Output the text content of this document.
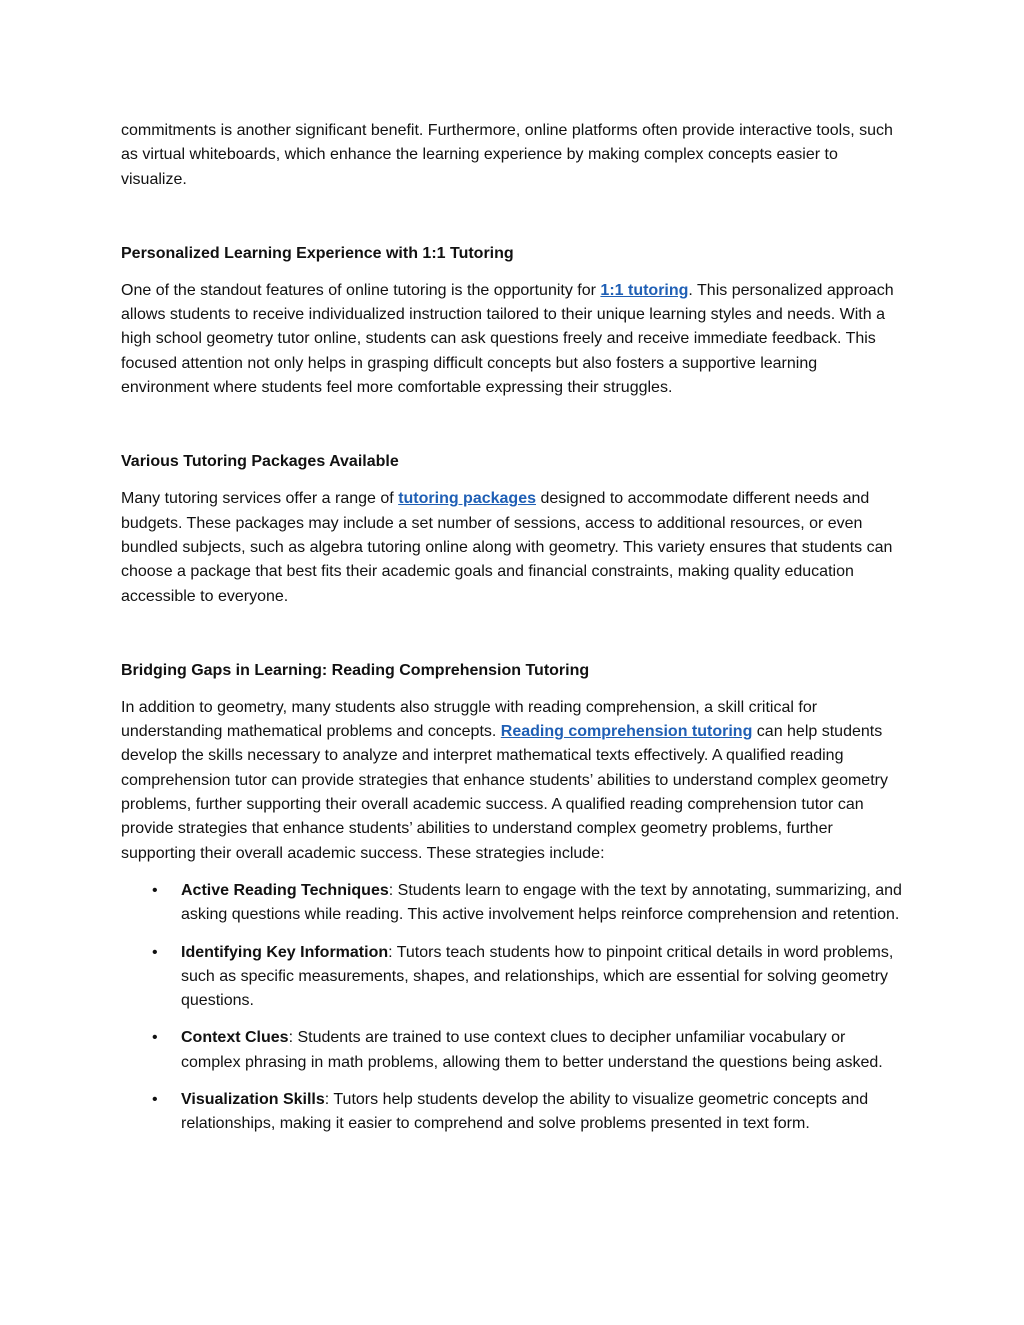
commitments is another significant benefit. Furthermore, online platforms often provide interactive tools, such as virtual whiteboards, which enhance the learning experience by making complex concepts easier to visualize.

Personalized Learning Experience with 1:1 Tutoring

One of the standout features of online tutoring is the opportunity for 1:1 tutoring. This personalized approach allows students to receive individualized instruction tailored to their unique learning styles and needs. With a high school geometry tutor online, students can ask questions freely and receive immediate feedback. This focused attention not only helps in grasping difficult concepts but also fosters a supportive learning environment where students feel more comfortable expressing their struggles.

Various Tutoring Packages Available

Many tutoring services offer a range of tutoring packages designed to accommodate different needs and budgets. These packages may include a set number of sessions, access to additional resources, or even bundled subjects, such as algebra tutoring online along with geometry. This variety ensures that students can choose a package that best fits their academic goals and financial constraints, making quality education accessible to everyone.

Bridging Gaps in Learning: Reading Comprehension Tutoring

In addition to geometry, many students also struggle with reading comprehension, a skill critical for understanding mathematical problems and concepts. Reading comprehension tutoring can help students develop the skills necessary to analyze and interpret mathematical texts effectively. A qualified reading comprehension tutor can provide strategies that enhance students’ abilities to understand complex geometry problems, further supporting their overall academic success. A qualified reading comprehension tutor can provide strategies that enhance students’ abilities to understand complex geometry problems, further supporting their overall academic success. These strategies include:

• Active Reading Techniques: Students learn to engage with the text by annotating, summarizing, and asking questions while reading. This active involvement helps reinforce comprehension and retention.
• Identifying Key Information: Tutors teach students how to pinpoint critical details in word problems, such as specific measurements, shapes, and relationships, which are essential for solving geometry questions.
• Context Clues: Students are trained to use context clues to decipher unfamiliar vocabulary or complex phrasing in math problems, allowing them to better understand the questions being asked.
• Visualization Skills: Tutors help students develop the ability to visualize geometric concepts and relationships, making it easier to comprehend and solve problems presented in text form.
